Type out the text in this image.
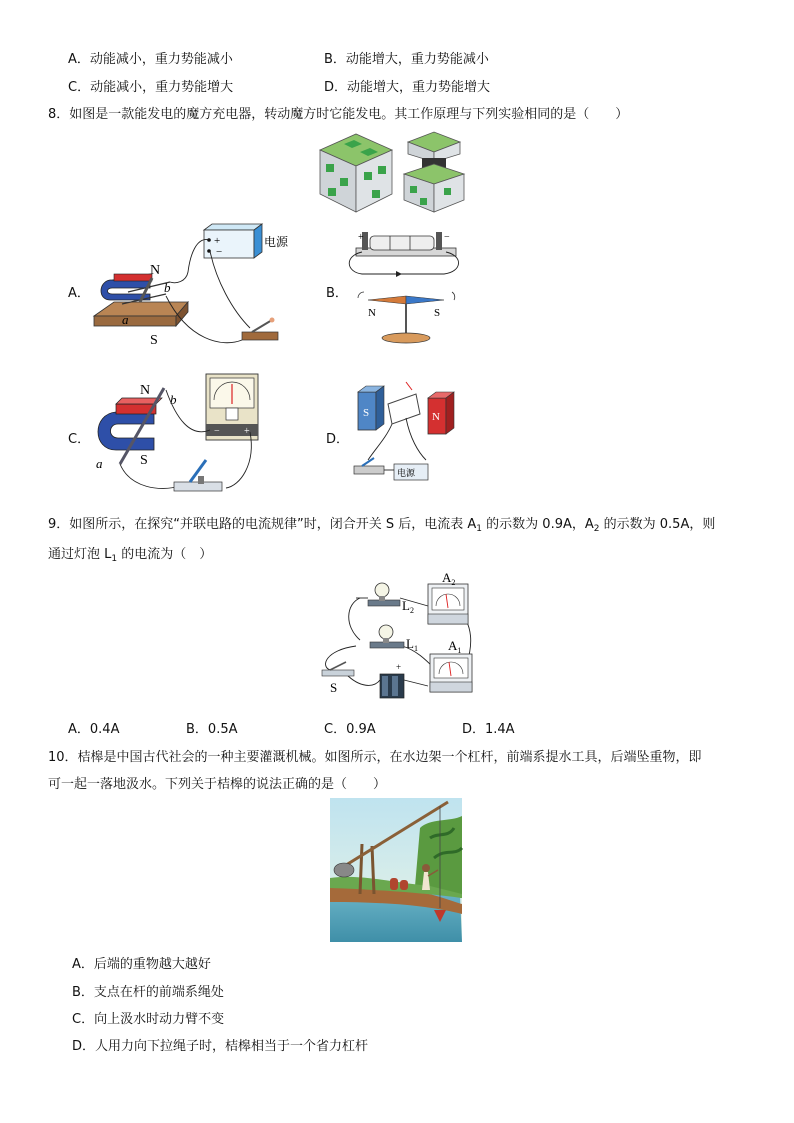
A．动能减小，重力势能减小	B．动能增大，重力势能减小
C．动能减小，重力势能增大	D．动能增大，重力势能增大
8．如图是一款能发电的魔方充电器，转动魔方时它能发电。其工作原理与下列实验相同的是（　　）
A．
+
−
电源
N
b
a
S
B．
+	−
N	S
C．
N
b
a	S
− +
D．
S	N
电源
9．如图所示，在探究“并联电路的电流规律”时，闭合开关 S 后，电流表 $A_1$ 的示数为 0.9A，$A_2$ 的示数为 0.5A，则
通过灯泡 $L_1$ 的电流为（　）
$L_2$
$L_1$
$A_2$
$A_1$
S
+
A．0.4A	B．0.5A	C．0.9A	D．1.4A
10．桔槔是中国古代社会的一种主要灌溉机械。如图所示，在水边架一个杠杆，前端系提水工具，后端坠重物，即
可一起一落地汲水。下列关于桔槔的说法正确的是（　　）
A．后端的重物越大越好
B．支点在杆的前端系绳处
C．向上汲水时动力臂不变
D．人用力向下拉绳子时，桔槔相当于一个省力杠杆
